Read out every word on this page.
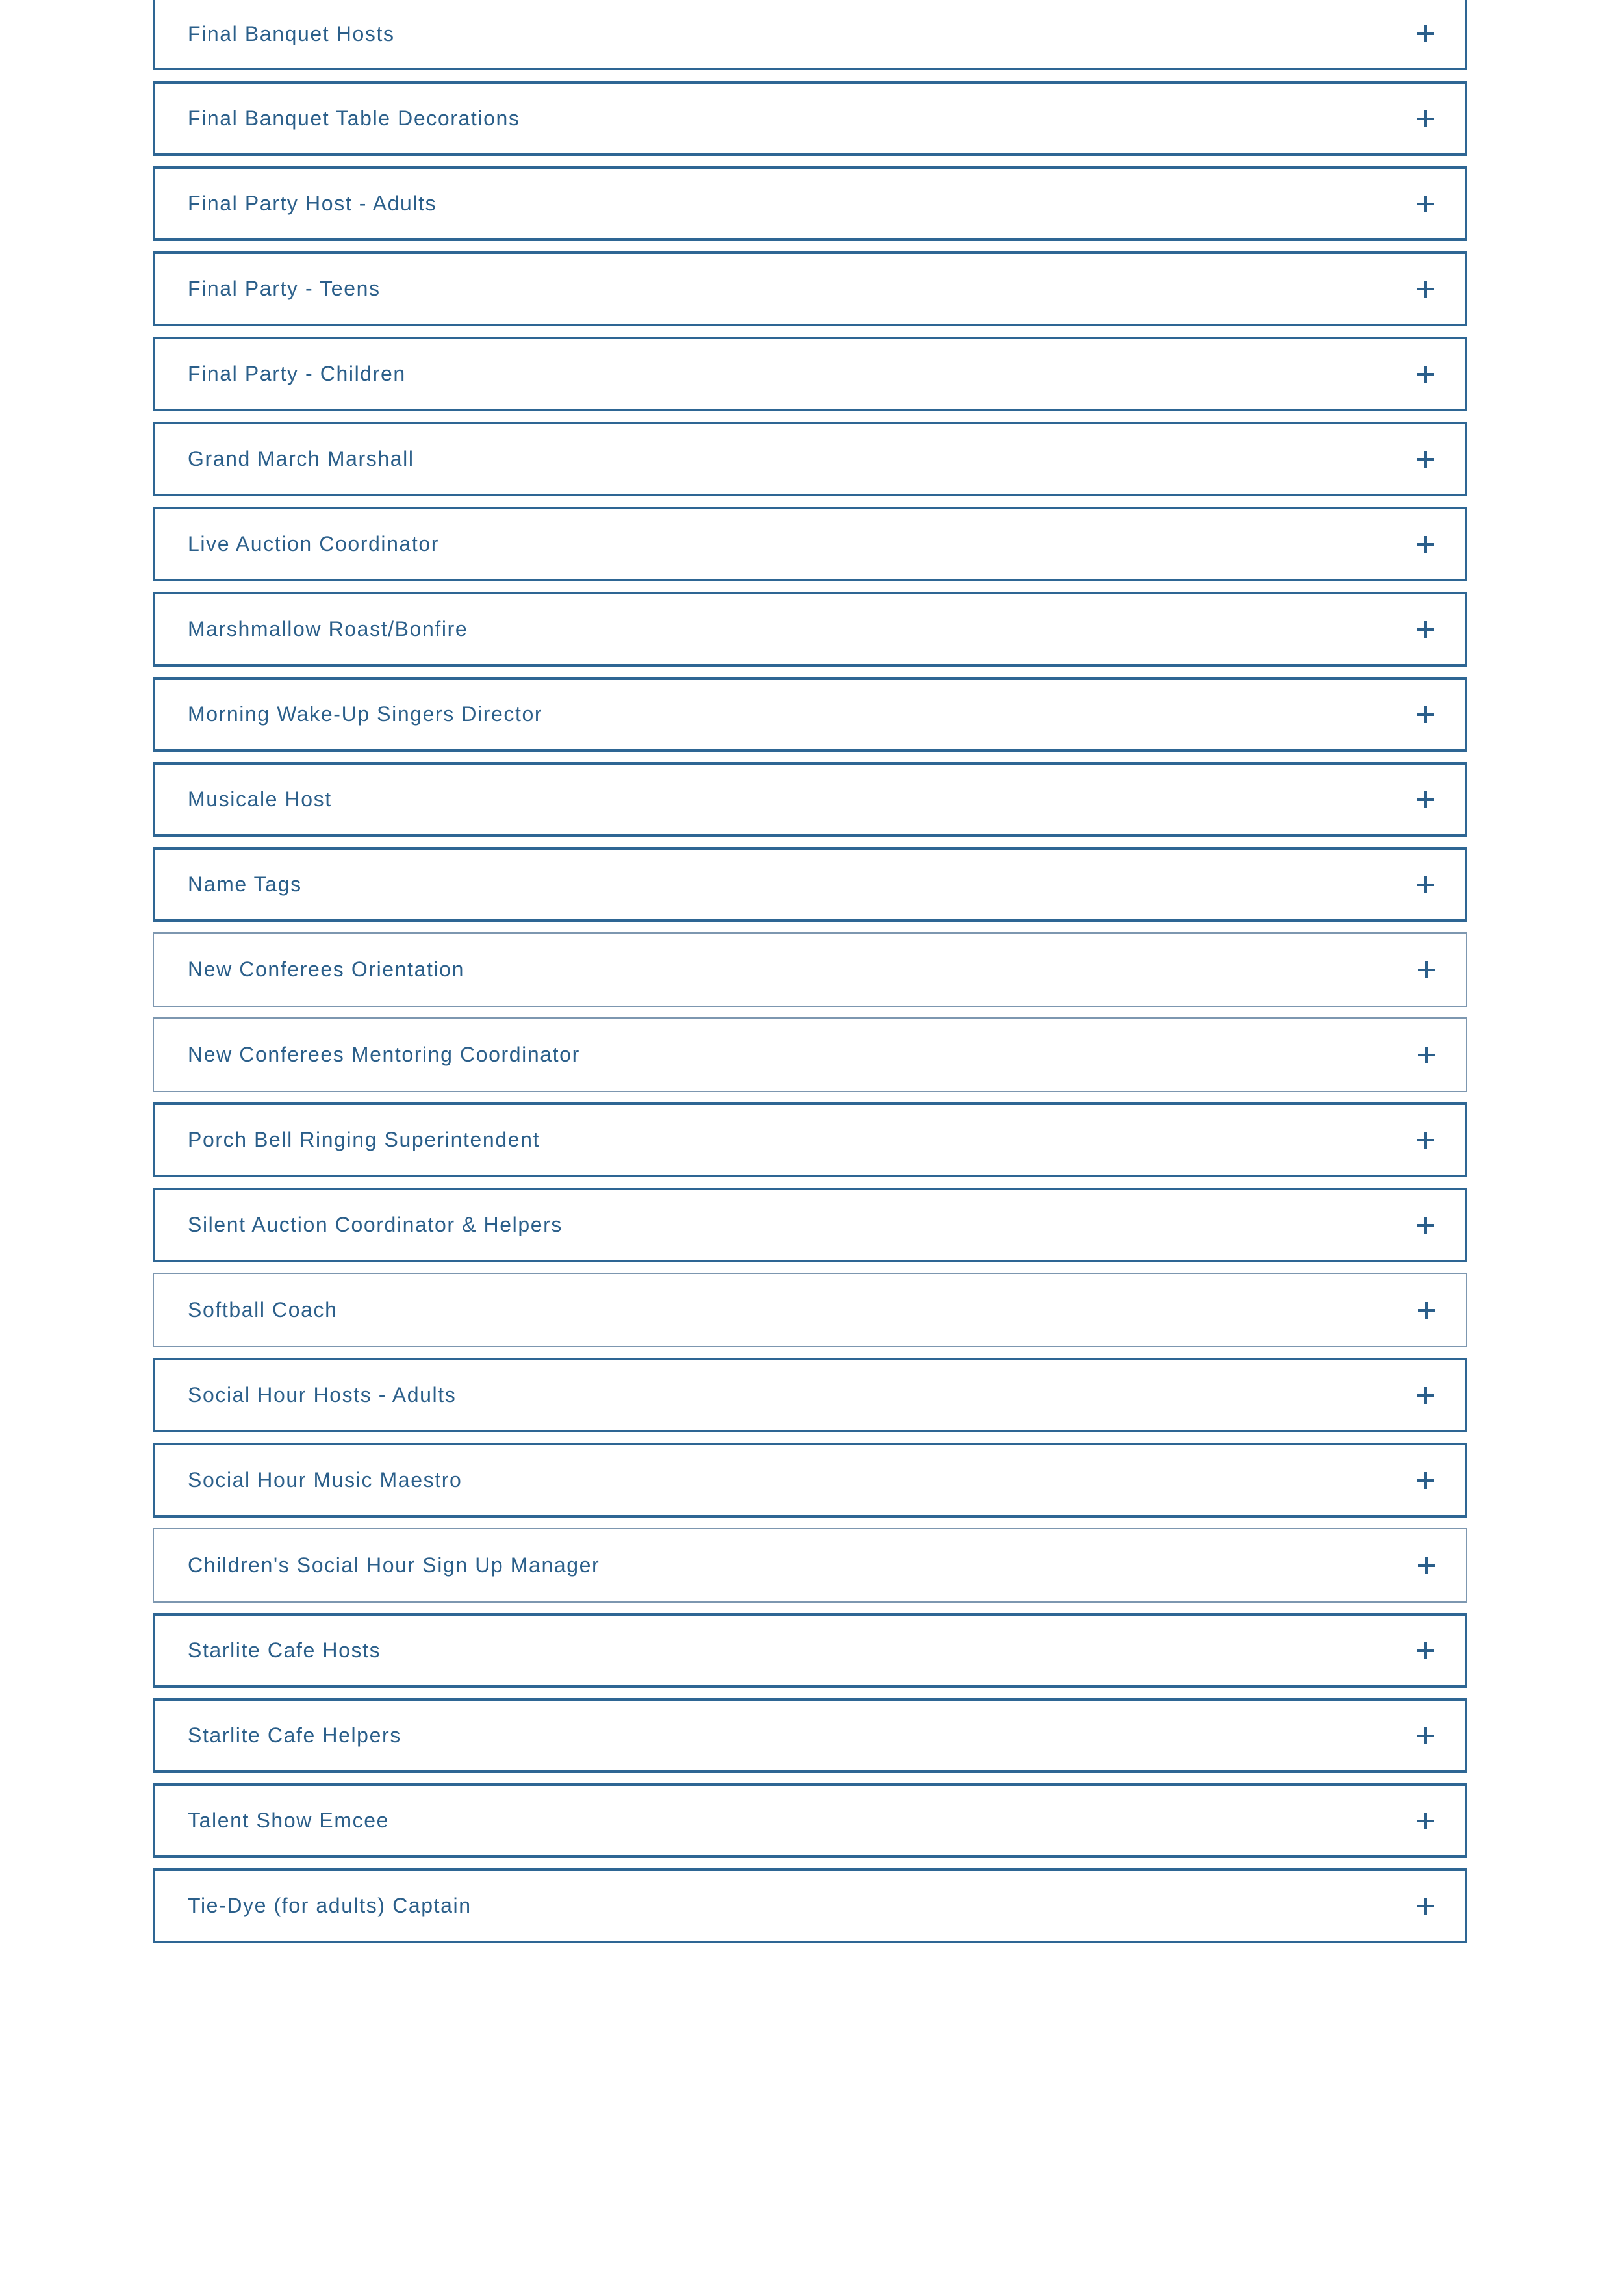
Final Banquet Hosts
Final Banquet Table Decorations
Final Party Host - Adults
Final Party - Teens
Final Party - Children
Grand March Marshall
Live Auction Coordinator
Marshmallow Roast/Bonfire
Morning Wake-Up Singers Director
Musicale Host
Name Tags
New Conferees Orientation
New Conferees Mentoring Coordinator
Porch Bell Ringing Superintendent
Silent Auction Coordinator & Helpers
Softball Coach
Social Hour Hosts - Adults
Social Hour Music Maestro
Children's Social Hour Sign Up Manager
Starlite Cafe Hosts
Starlite Cafe Helpers
Talent Show Emcee
Tie-Dye (for adults) Captain
